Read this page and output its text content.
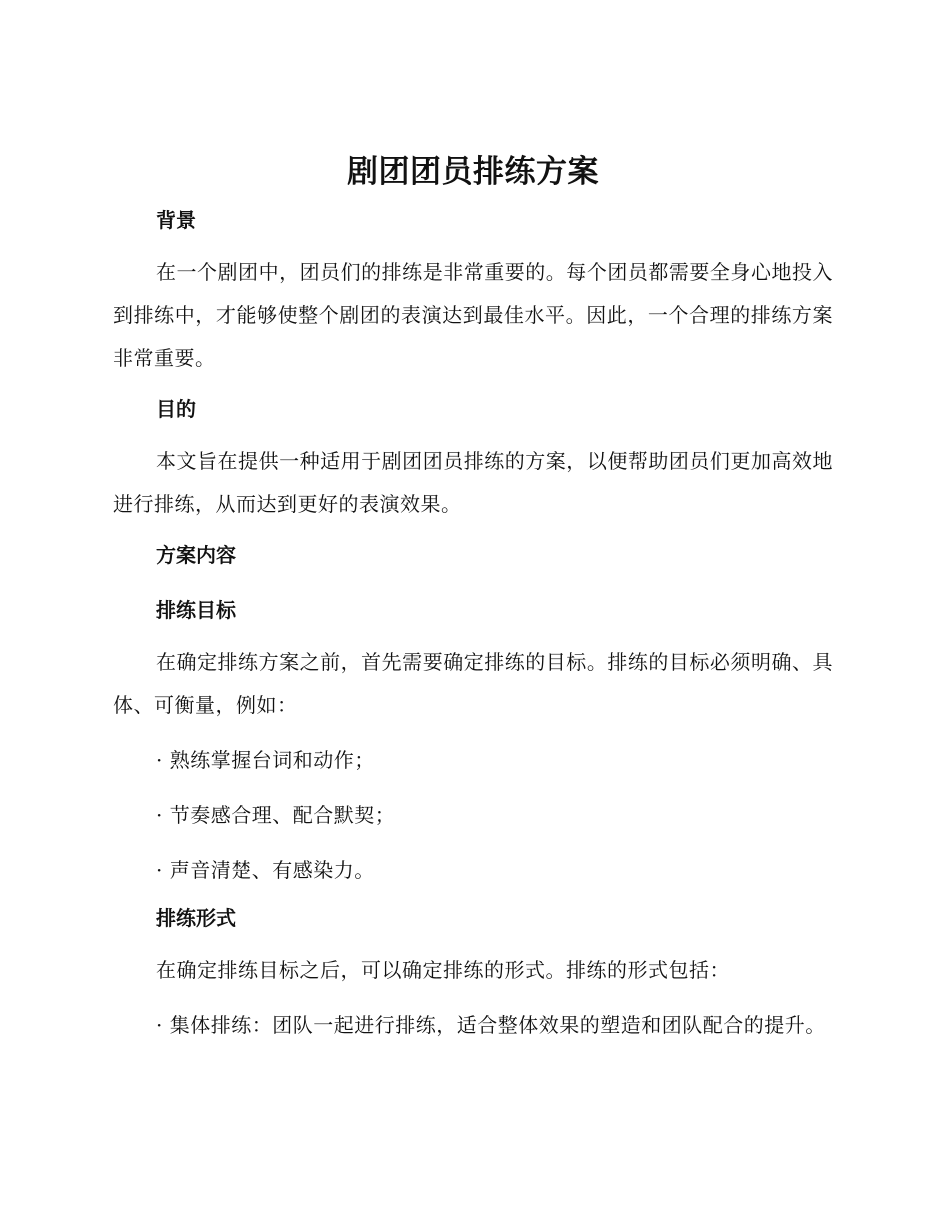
剧团团员排练方案
背景

在一个剧团中，团员们的排练是非常重要的。每个团员都需要全身心地投入到排练中，才能够使整个剧团的表演达到最佳水平。因此，一个合理的排练方案非常重要。

目的

本文旨在提供一种适用于剧团团员排练的方案，以便帮助团员们更加高效地进行排练，从而达到更好的表演效果。

方案内容
排练目标

在确定排练方案之前，首先需要确定排练的目标。排练的目标必须明确、具体、可衡量，例如：

· 熟练掌握台词和动作；

· 节奏感合理、配合默契；

· 声音清楚、有感染力。

排练形式

在确定排练目标之后，可以确定排练的形式。排练的形式包括：

· 集体排练：团队一起进行排练，适合整体效果的塑造和团队配合的提升。
